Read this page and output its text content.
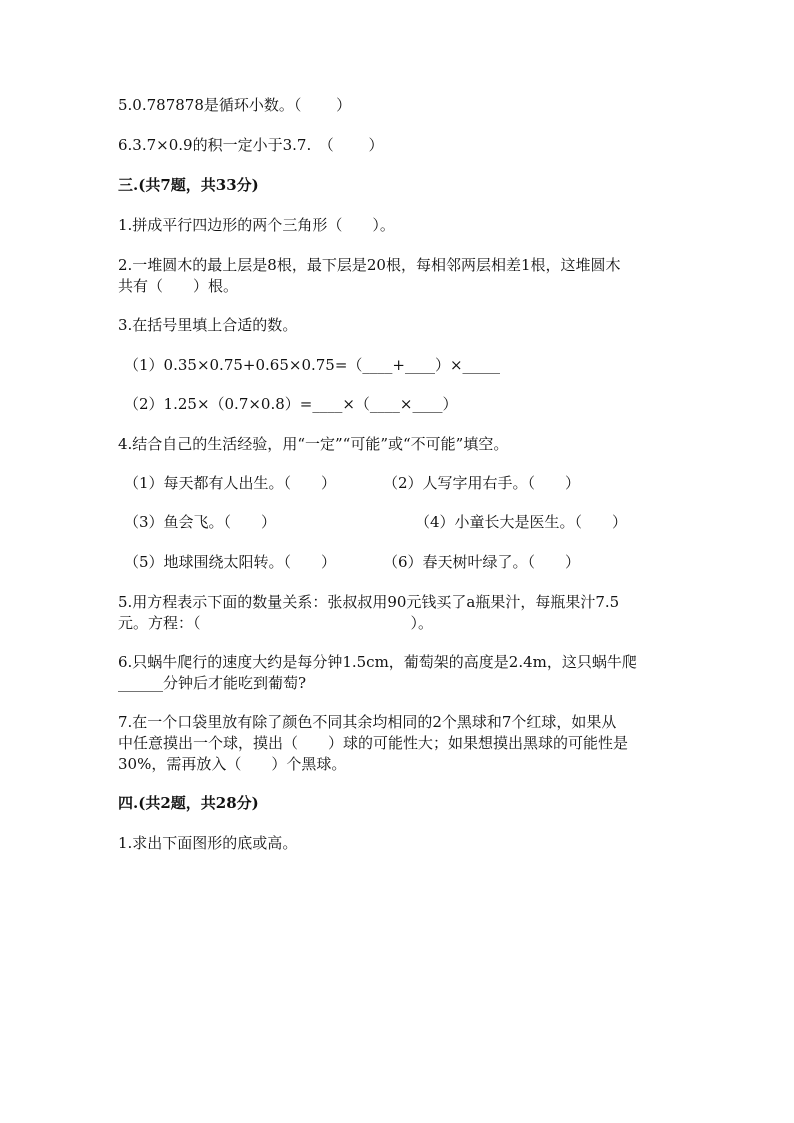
5.0.787878是循环小数。（　　 ）
6.3.7×0.9的积一定小于3.7.　（　　 ）
三.(共7题，共33分)
1.拼成平行四边形的两个三角形（　　）。
2.一堆圆木的最上层是8根，最下层是20根，每相邻两层相差1根，这堆圆木
共有（　　）根。
3.在括号里填上合适的数。
（1）0.35×0.75+0.65×0.75=（____+____）×_____
（2）1.25×（0.7×0.8）=____×（____×____）
4.结合自己的生活经验，用“一定”“可能”或“不可能”填空。
（1）每天都有人出生。（　　）	（2）人写字用右手。（　　）
（3）鱼会飞。（　　）	（4）小童长大是医生。（　　）
（5）地球围绕太阳转。（　　）	（6）春天树叶绿了。（　　）
5.用方程表示下面的数量关系：张叔叔用90元钱买了a瓶果汁，每瓶果汁7.5
元。方程：（　　　　　　　　　　　　　　）。
6.只蜗牛爬行的速度大约是每分钟1.5cm，葡萄架的高度是2.4m，这只蜗牛爬
______分钟后才能吃到葡萄?
7.在一个口袋里放有除了颜色不同其余均相同的2个黑球和7个红球，如果从
中任意摸出一个球，摸出（　　）球的可能性大；如果想摸出黑球的可能性是
30%，需再放入（　　）个黑球。
四.(共2题，共28分)
1.求出下面图形的底或高。
